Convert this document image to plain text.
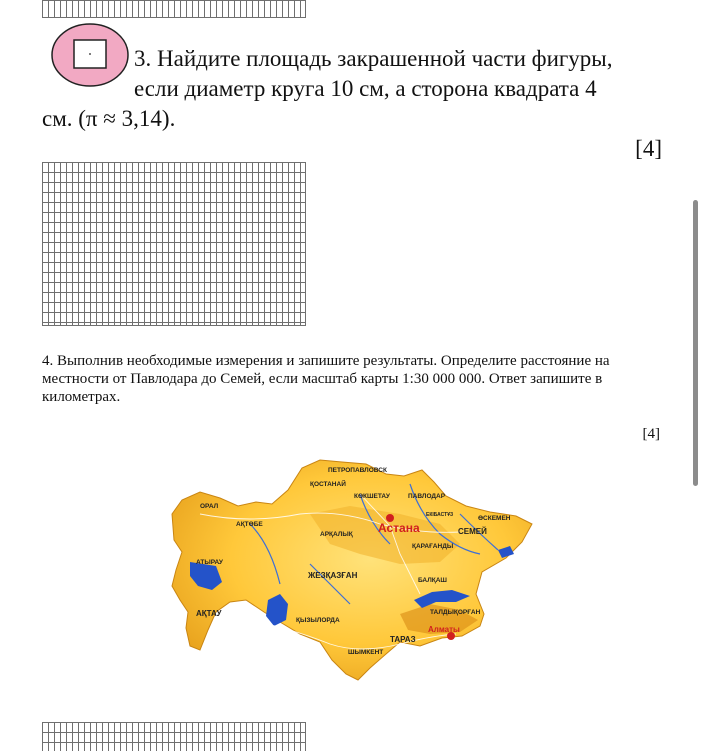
3. Найдите площадь закрашенной части фигуры,
если диаметр круга 10 см, а сторона квадрата 4
см. (π ≈ 3,14).
[4]
4. Выполнив необходимые измерения и запишите результаты. Определите расстояние на местности от Павлодара до Семей, если масштаб карты 1:30 000 000. Ответ запишите в километрах.
[4]
ПЕТРОПАВЛОВСК
ҚОСТАНАЙ
КӨКШЕТАУ	ПАВЛОДАР
ОРАЛ
АҚТӨБЕ
ӨСКЕМЕН
СЕМЕЙ
АРҚАЛЫҚ
ҚАРАҒАНДЫ
ЕКІБАСТҰЗ
АТЫРАУ
ЖЕЗҚАЗҒАН
БАЛҚАШ
АҚТАУ
ҚЫЗЫЛОРДА
ТАЛДЫҚОРҒАН
ТАРАЗ
ШЫМКЕНТ
Астана
Алматы
